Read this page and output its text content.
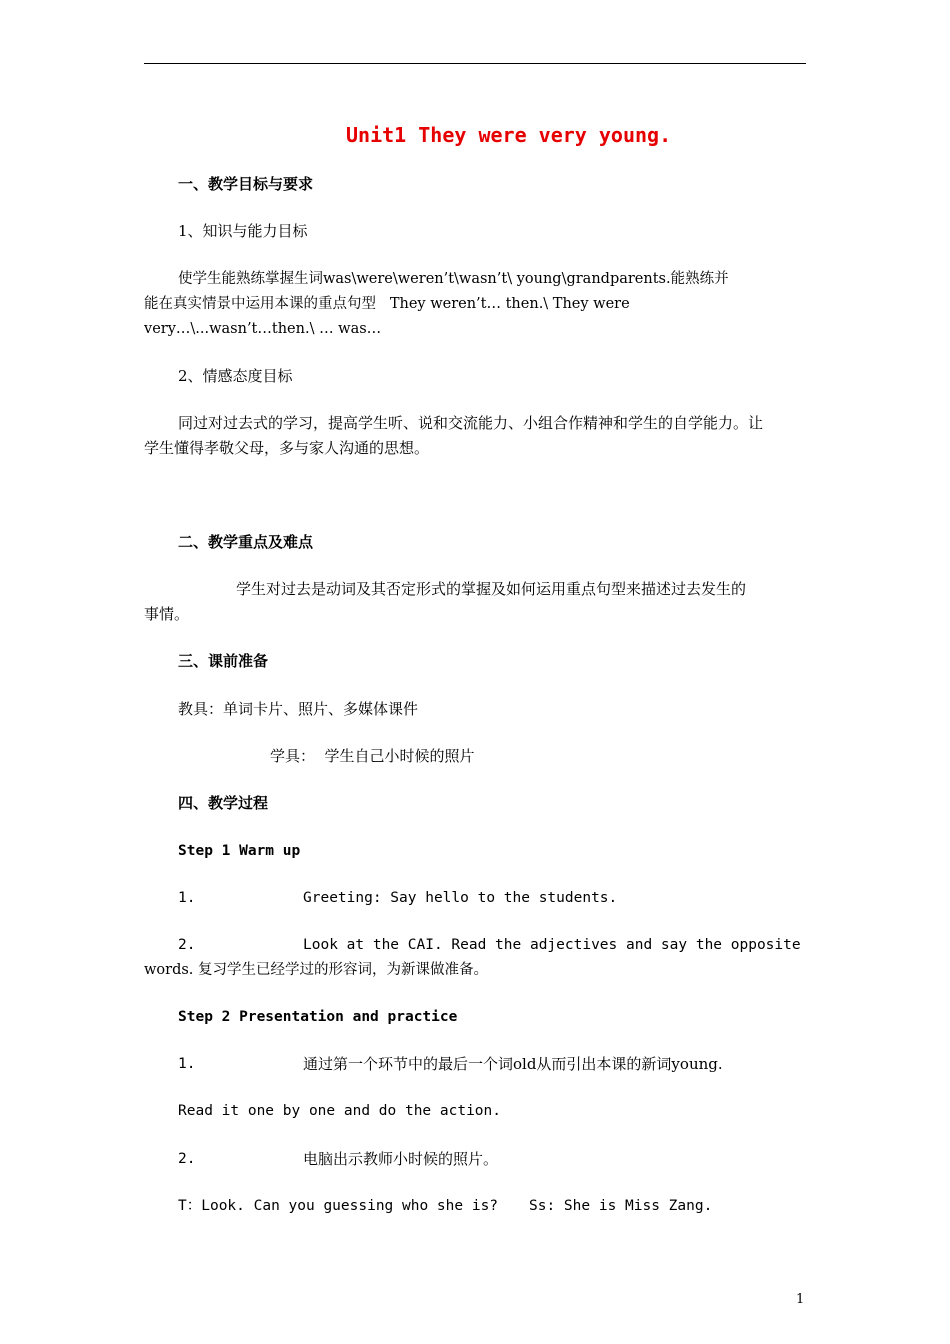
Unit1 They were very young.
一、教学目标与要求
1、知识与能力目标
使学生能熟练掌握生词was\were\weren’t\wasn’t\ young\grandparents.能熟练并
能在真实情景中运用本课的重点句型   They weren’t… then.\ They were
very…\...wasn’t…then.\ … was…
2、情感态度目标
同过对过去式的学习，提高学生听、说和交流能力、小组合作精神和学生的自学能力。让
学生懂得孝敬父母，多与家人沟通的思想。
二、教学重点及难点
学生对过去是动词及其否定形式的掌握及如何运用重点句型来描述过去发生的
事情。
三、课前准备
教具：单词卡片、照片、多媒体课件
学具：  学生自己小时候的照片
四、教学过程
Step 1 Warm up
1.	Greeting: Say hello to the students.
2.	Look at the CAI. Read the adjectives and say the opposite
words. 复习学生已经学过的形容词，为新课做准备。
Step 2 Presentation and practice
1.	通过第一个环节中的最后一个词old从而引出本课的新词young.
Read it one by one and do the action.
2.	电脑出示教师小时候的照片。
T：Look. Can you guessing who she is? Ss: She is Miss Zang.
1
